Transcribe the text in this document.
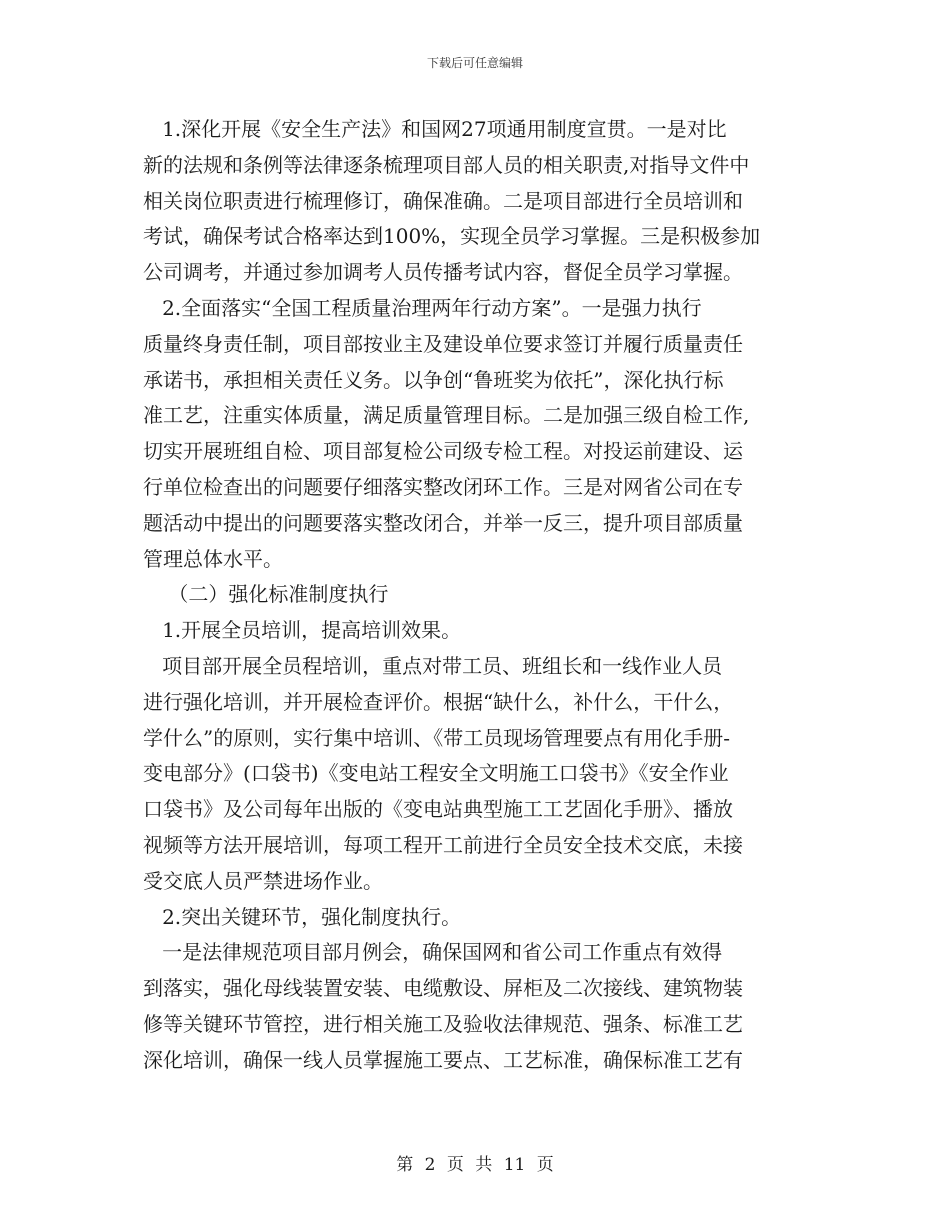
下载后可任意编辑
1.深化开展《安全生产法》和国网27项通用制度宣贯。一是对比
新的法规和条例等法律逐条梳理项目部人员的相关职责,对指导文件中
相关岗位职责进行梳理修订，确保准确。二是项目部进行全员培训和
考试，确保考试合格率达到100%，实现全员学习掌握。三是积极参加
公司调考，并通过参加调考人员传播考试内容，督促全员学习掌握。
2.全面落实“全国工程质量治理两年行动方案”。一是强力执行
质量终身责任制，项目部按业主及建设单位要求签订并履行质量责任
承诺书，承担相关责任义务。以争创“鲁班奖为依托”，深化执行标
准工艺，注重实体质量，满足质量管理目标。二是加强三级自检工作,
切实开展班组自检、项目部复检公司级专检工程。对投运前建设、运
行单位检查出的问题要仔细落实整改闭环工作。三是对网省公司在专
题活动中提出的问题要落实整改闭合，并举一反三，提升项目部质量
管理总体水平。
（二）强化标准制度执行
1.开展全员培训，提高培训效果。
项目部开展全员程培训，重点对带工员、班组长和一线作业人员
进行强化培训，并开展检查评价。根据“缺什么，补什么，干什么，
学什么”的原则，实行集中培训、《带工员现场管理要点有用化手册-
变电部分》(口袋书)《变电站工程安全文明施工口袋书》《安全作业
口袋书》及公司每年出版的《变电站典型施工工艺固化手册》、播放
视频等方法开展培训，每项工程开工前进行全员安全技术交底，未接
受交底人员严禁进场作业。
2.突出关键环节，强化制度执行。
一是法律规范项目部月例会，确保国网和省公司工作重点有效得
到落实，强化母线装置安装、电缆敷设、屏柜及二次接线、建筑物装
修等关键环节管控，进行相关施工及验收法律规范、强条、标准工艺
深化培训，确保一线人员掌握施工要点、工艺标准，确保标准工艺有
第 2 页 共 11 页
